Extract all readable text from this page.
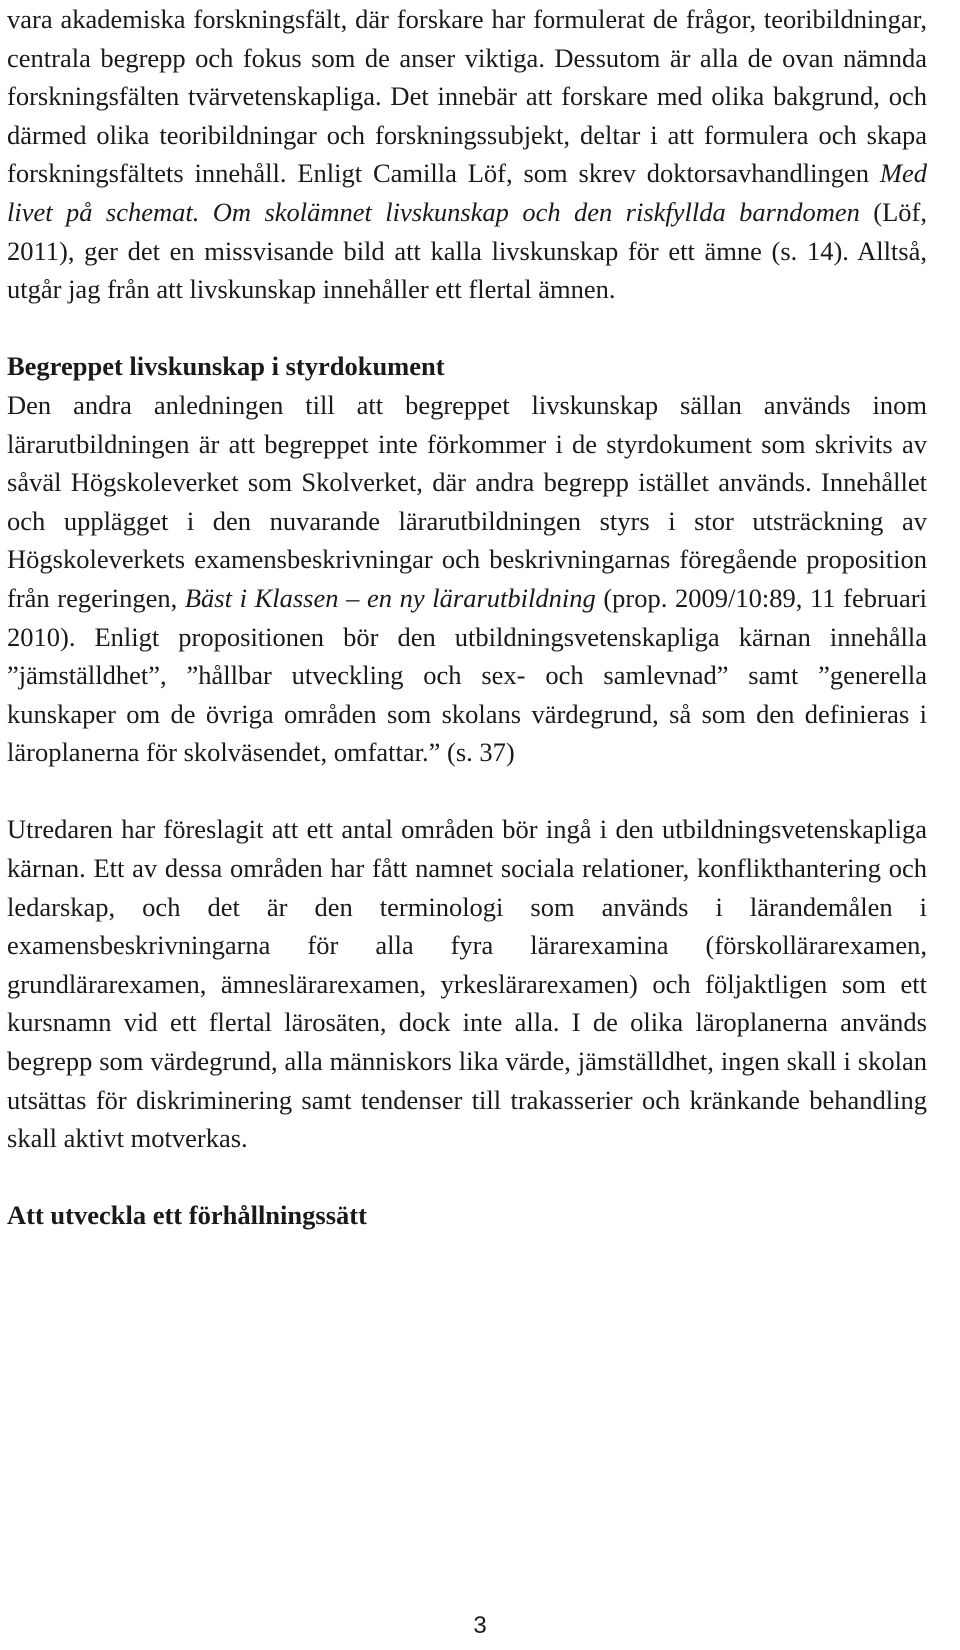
vara akademiska forskningsfält, där forskare har formulerat de frågor, teoribildningar, centrala begrepp och fokus som de anser viktiga. Dessutom är alla de ovan nämnda forskningsfälten tvärvetenskapliga. Det innebär att forskare med olika bakgrund, och därmed olika teoribildningar och forskningssubjekt, deltar i att formulera och skapa forskningsfältets innehåll. Enligt Camilla Löf, som skrev doktorsavhandlingen Med livet på schemat. Om skolämnet livskunskap och den riskfyllda barndomen (Löf, 2011), ger det en missvisande bild att kalla livskunskap för ett ämne (s. 14). Alltså, utgår jag från att livskunskap innehåller ett flertal ämnen.

Begreppet livskunskap i styrdokument

Den andra anledningen till att begreppet livskunskap sällan används inom lärarutbildningen är att begreppet inte förkommer i de styrdokument som skrivits av såväl Högskoleverket som Skolverket, där andra begrepp istället används. Innehållet och upplägget i den nuvarande lärarutbildningen styrs i stor utsträckning av Högskoleverkets examensbeskrivningar och beskrivningarnas föregående proposition från regeringen, Bäst i Klassen – en ny lärarutbildning (prop. 2009/10:89, 11 februari 2010). Enligt propositionen bör den utbildningsvetenskapliga kärnan innehålla ”jämställdhet”, ”hållbar utveckling och sex- och samlevnad” samt ”generella kunskaper om de övriga områden som skolans värdegrund, så som den definieras i läroplanerna för skolväsendet, omfattar.” (s. 37)

Utredaren har föreslagit att ett antal områden bör ingå i den utbildningsvetenskapliga kärnan. Ett av dessa områden har fått namnet sociala relationer, konflikthantering och ledarskap, och det är den terminologi som används i lärandemålen i examensbeskrivningarna för alla fyra lärarexamina (förskollärarexamen, grundlärarexamen, ämneslärarexamen, yrkeslärarexamen) och följaktligen som ett kursnamn vid ett flertal lärosäten, dock inte alla. I de olika läroplanerna används begrepp som värdegrund, alla människors lika värde, jämställdhet, ingen skall i skolan utsättas för diskriminering samt tendenser till trakasserier och kränkande behandling skall aktivt motverkas.

Att utveckla ett förhållningssätt

3
